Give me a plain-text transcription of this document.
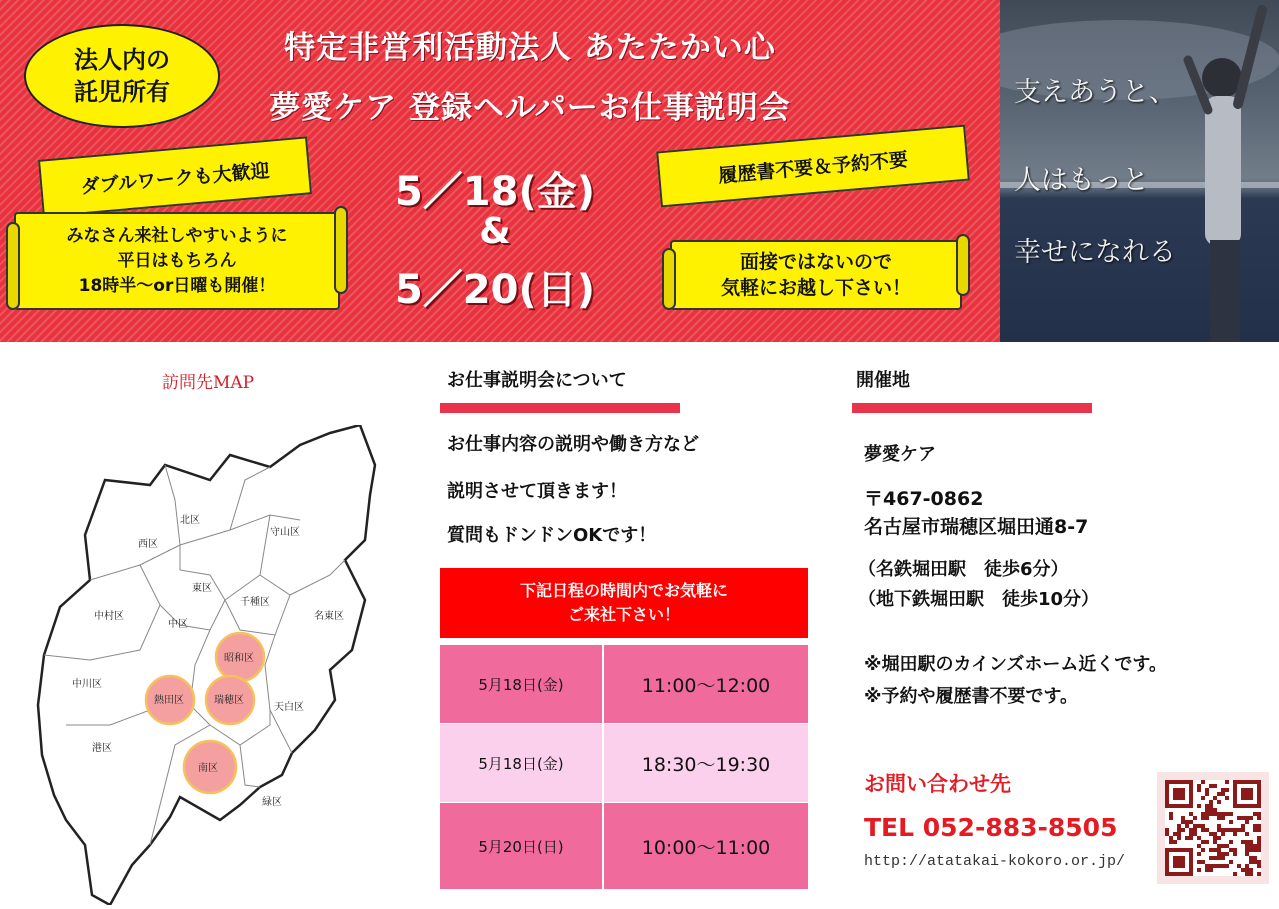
特定非営利活動法人 あたたかい心
夢愛ケア 登録ヘルパーお仕事説明会
法人内の
託児所有
ダブルワークも大歓迎	履歴書不要＆予約不要
みなさん来社しやすいように
平日はもちろん
18時半～or日曜も開催！
面接ではないので
気軽にお越し下さい！
5／18(金)
&
5／20(日)
支えあうと、
人はもっと
幸せになれる
訪問先MAP
北区
守山区
西区
東区
中村区
中区
千種区
名東区
昭和区
中川区
熱田区	瑞穂区
天白区
港区
南区
緑区
お仕事説明会について
お仕事内容の説明や働き方など
説明させて頂きます！
質問もドンドンOKです！
下記日程の時間内でお気軽に
ご来社下さい！
5月18日(金)	11:00～12:00
5月18日(金)	18:30～19:30
5月20日(日)	10:00～11:00
開催地
夢愛ケア
〒467-0862
名古屋市瑞穂区堀田通8-7
（名鉄堀田駅　徒歩6分）
（地下鉄堀田駅　徒歩10分）
※堀田駅のカインズホーム近くです。
※予約や履歴書不要です。
お問い合わせ先
TEL 052-883-8505
http://atatakai-kokoro.or.jp/
